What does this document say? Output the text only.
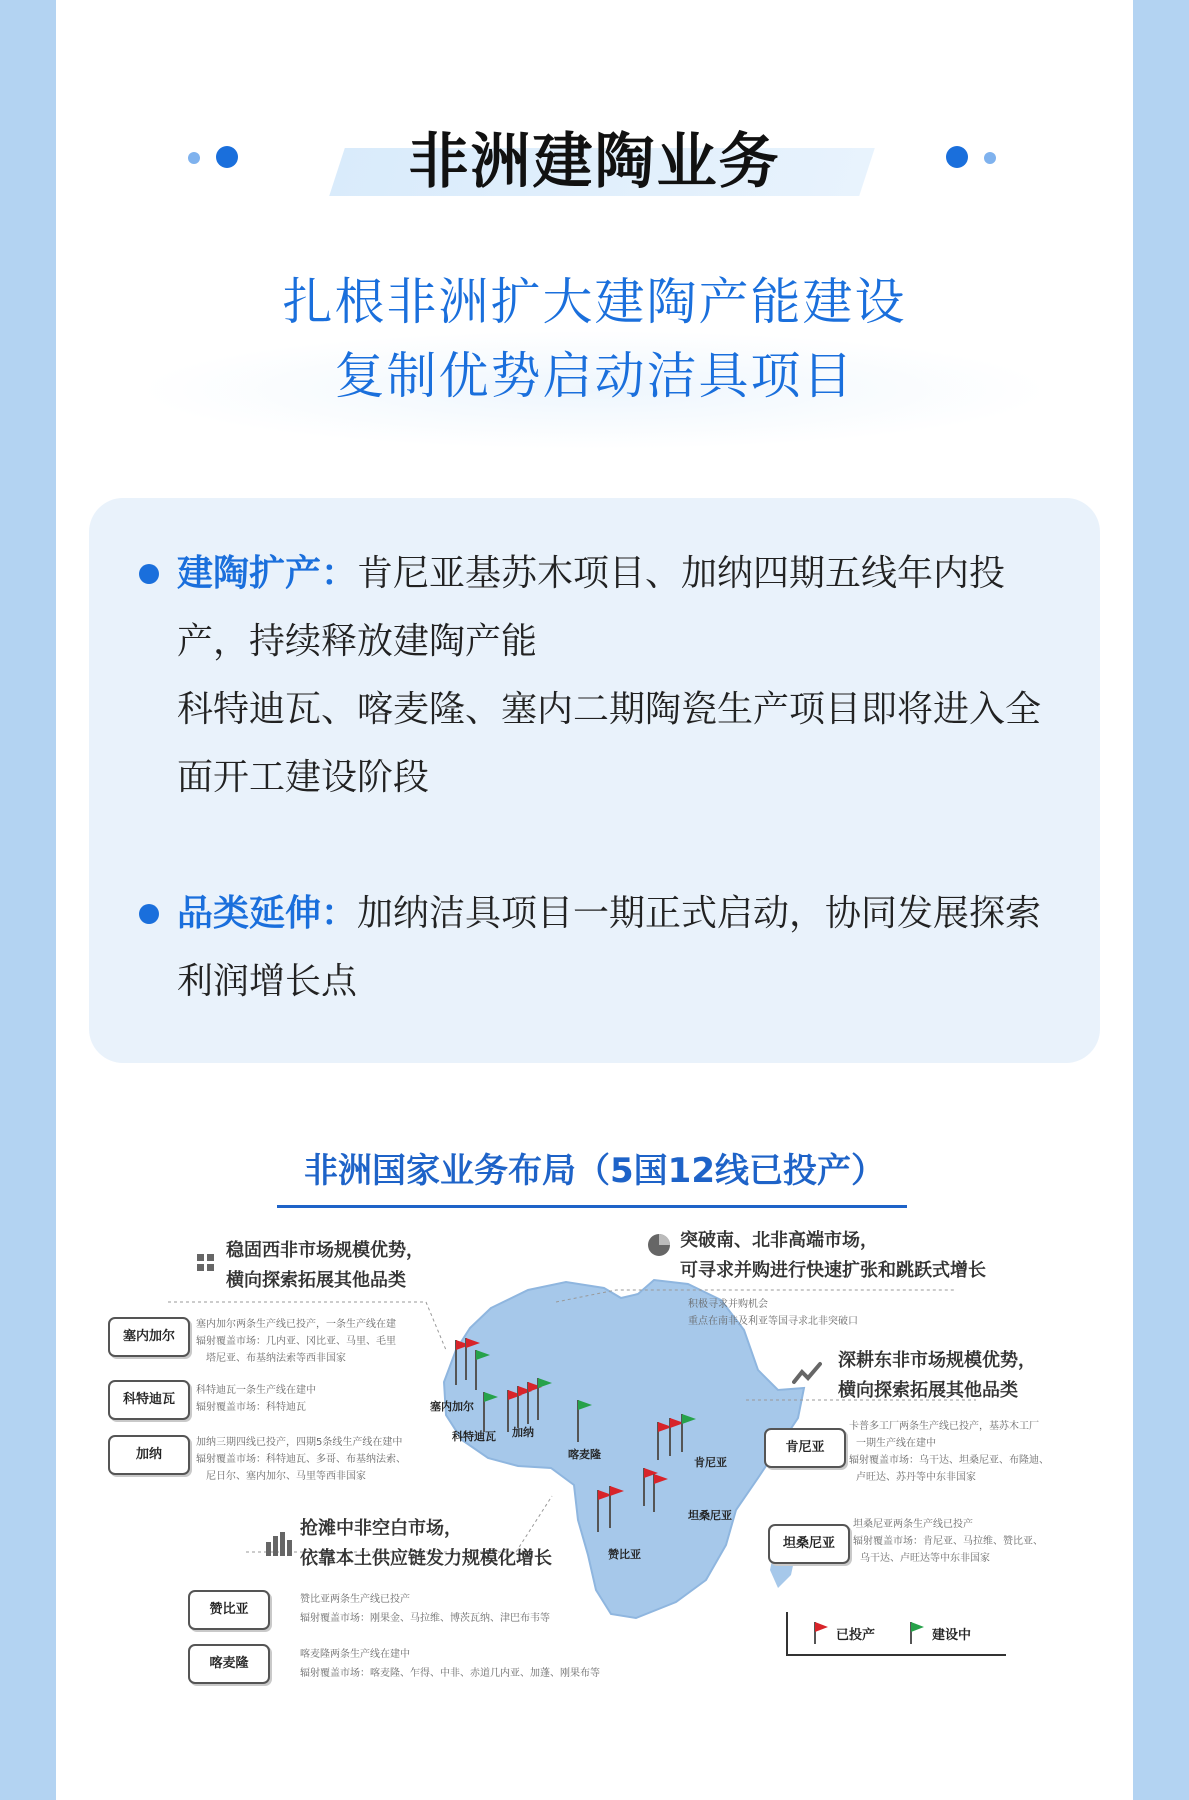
非洲建陶业务
扎根非洲扩大建陶产能建设
复制优势启动洁具项目
建陶扩产：肯尼亚基苏木项目、加纳四期五线年内投产，持续释放建陶产能
科特迪瓦、喀麦隆、塞内二期陶瓷生产项目即将进入全面开工建设阶段
品类延伸：加纳洁具项目一期正式启动，协同发展探索利润增长点
非洲国家业务布局（5国12线已投产）
塞内加尔
科特迪瓦 加纳
喀麦隆
肯尼亚
坦桑尼亚
赞比亚
稳固西非市场规模优势，
横向探索拓展其他品类
塞内加尔
塞内加尔两条生产线已投产，一条生产线在建
辐射覆盖市场：几内亚、冈比亚、马里、毛里
塔尼亚、布基纳法索等西非国家
科特迪瓦
科特迪瓦一条生产线在建中
辐射覆盖市场：科特迪瓦
加纳
加纳三期四线已投产，四期5条线生产线在建中
辐射覆盖市场：科特迪瓦、多哥、布基纳法索、
尼日尔、塞内加尔、马里等西非国家
突破南、北非高端市场，
可寻求并购进行快速扩张和跳跃式增长
积极寻求并购机会
重点在南非及利亚等国寻求北非突破口
深耕东非市场规模优势，
横向探索拓展其他品类
肯尼亚
卡普多工厂两条生产线已投产，基苏木工厂
一期生产线在建中
辐射覆盖市场：乌干达、坦桑尼亚、布隆迪、
卢旺达、苏丹等中东非国家
坦桑尼亚
坦桑尼亚两条生产线已投产
辐射覆盖市场：肯尼亚、马拉维、赞比亚、
乌干达、卢旺达等中东非国家
抢滩中非空白市场，
依靠本土供应链发力规模化增长
赞比亚
赞比亚两条生产线已投产
辐射覆盖市场：刚果金、马拉维、博茨瓦纳、津巴布韦等
喀麦隆
喀麦隆两条生产线在建中
辐射覆盖市场：喀麦隆、乍得、中非、赤道几内亚、加蓬、刚果布等
已投产	建设中
